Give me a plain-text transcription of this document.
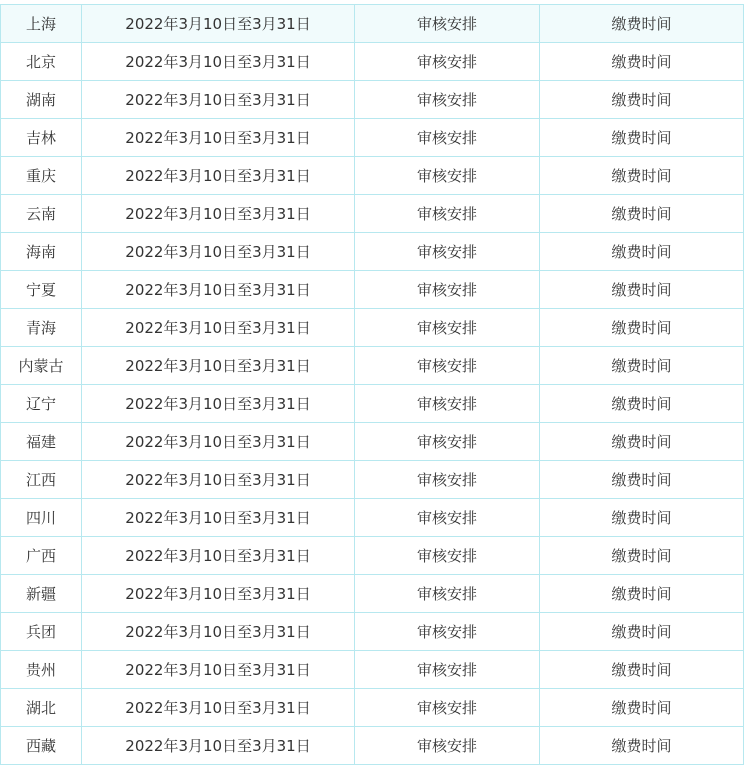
上海	2022年3月10日至3月31日	审核安排	缴费时间
北京	2022年3月10日至3月31日	审核安排	缴费时间
湖南	2022年3月10日至3月31日	审核安排	缴费时间
吉林	2022年3月10日至3月31日	审核安排	缴费时间
重庆	2022年3月10日至3月31日	审核安排	缴费时间
云南	2022年3月10日至3月31日	审核安排	缴费时间
海南	2022年3月10日至3月31日	审核安排	缴费时间
宁夏	2022年3月10日至3月31日	审核安排	缴费时间
青海	2022年3月10日至3月31日	审核安排	缴费时间
内蒙古	2022年3月10日至3月31日	审核安排	缴费时间
辽宁	2022年3月10日至3月31日	审核安排	缴费时间
福建	2022年3月10日至3月31日	审核安排	缴费时间
江西	2022年3月10日至3月31日	审核安排	缴费时间
四川	2022年3月10日至3月31日	审核安排	缴费时间
广西	2022年3月10日至3月31日	审核安排	缴费时间
新疆	2022年3月10日至3月31日	审核安排	缴费时间
兵团	2022年3月10日至3月31日	审核安排	缴费时间
贵州	2022年3月10日至3月31日	审核安排	缴费时间
湖北	2022年3月10日至3月31日	审核安排	缴费时间
西藏	2022年3月10日至3月31日	审核安排	缴费时间
